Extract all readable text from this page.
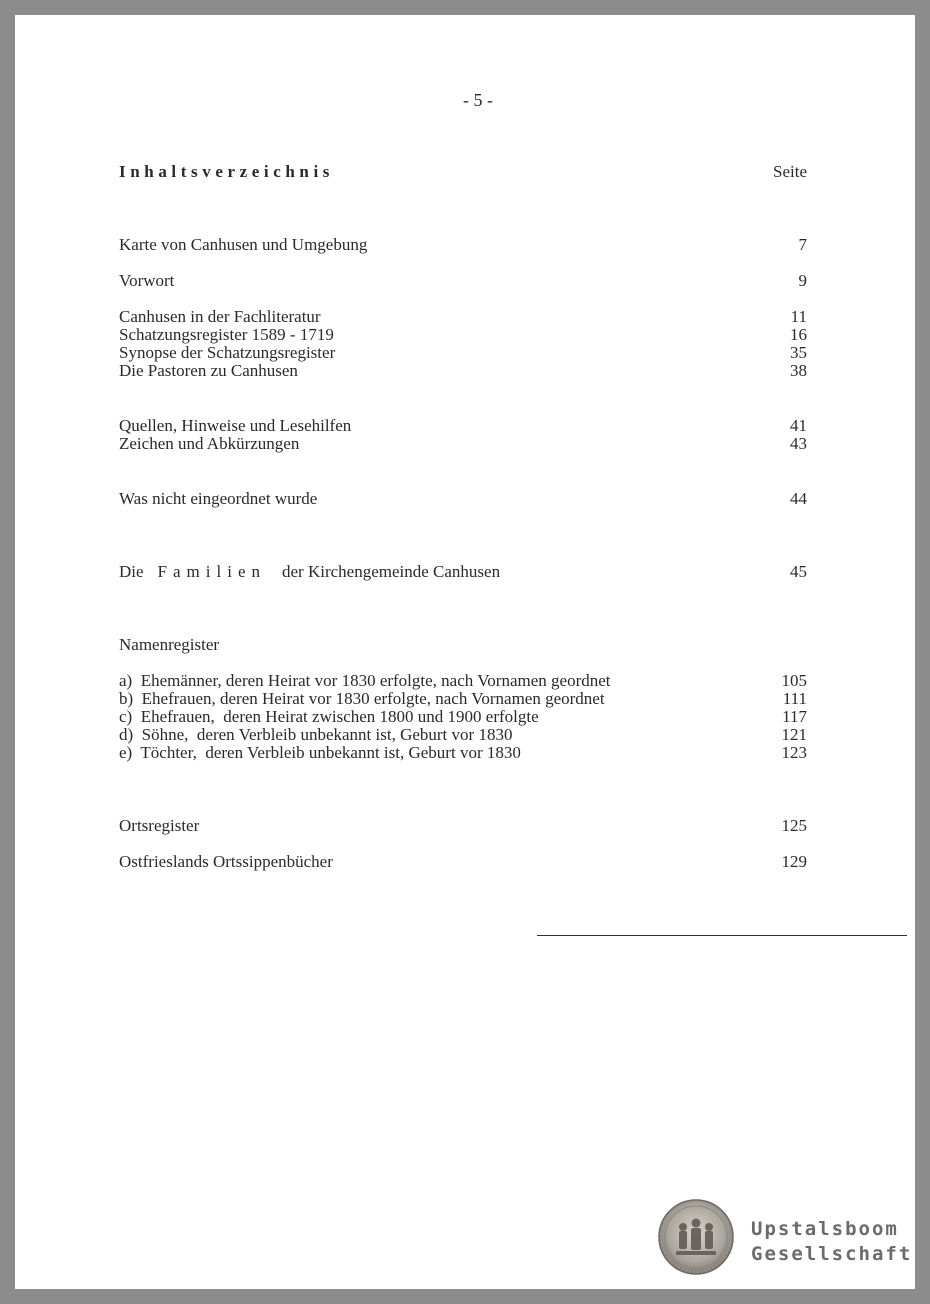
- 5 -
Inhaltsverzeichnis	Seite
Karte von Canhusen und Umgebung	7
Vorwort	9
Canhusen in der Fachliteratur	11
Schatzungsregister 1589 - 1719	16
Synopse der Schatzungsregister	35
Die Pastoren zu Canhusen	38
Quellen, Hinweise und Lesehilfen	41
Zeichen und Abkürzungen	43
Was nicht eingeordnet wurde	44
Die Familien der Kirchengemeinde Canhusen	45
Namenregister
a)  Ehemänner, deren Heirat vor 1830 erfolgte, nach Vornamen geordnet	105
b)  Ehefrauen, deren Heirat vor 1830 erfolgte, nach Vornamen geordnet	111
c)  Ehefrauen,  deren Heirat zwischen 1800 und 1900 erfolgte	117
d)  Söhne,  deren Verbleib unbekannt ist, Geburt vor 1830	121
e)  Töchter,  deren Verbleib unbekannt ist, Geburt vor 1830	123
Ortsregister	125
Ostfrieslands Ortssippenbücher	129
Upstalsboom
Gesellschaft
